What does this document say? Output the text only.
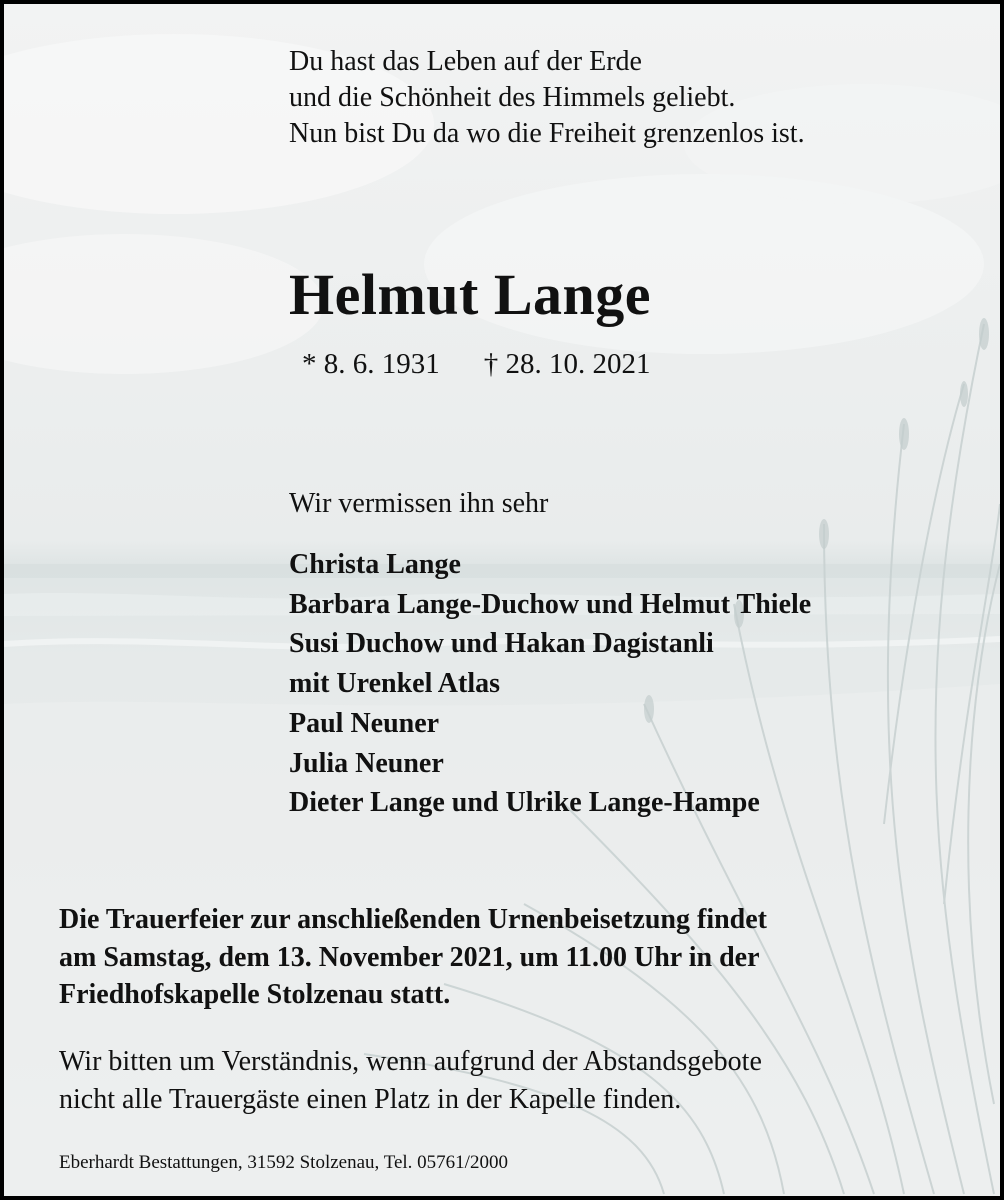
Du hast das Leben auf der Erde
und die Schönheit des Himmels geliebt.
Nun bist Du da wo die Freiheit grenzenlos ist.
Helmut Lange
* 8. 6. 1931 † 28. 10. 2021
Wir vermissen ihn sehr
Christa Lange
Barbara Lange-Duchow und Helmut Thiele
Susi Duchow und Hakan Dagistanli
mit Urenkel Atlas
Paul Neuner
Julia Neuner
Dieter Lange und Ulrike Lange-Hampe
Die Trauerfeier zur anschließenden Urnenbeisetzung findet
am Samstag, dem 13. November 2021, um 11.00 Uhr in der
Friedhofskapelle Stolzenau statt.
Wir bitten um Verständnis, wenn aufgrund der Abstandsgebote
nicht alle Trauergäste einen Platz in der Kapelle finden.
Eberhardt Bestattungen, 31592 Stolzenau, Tel. 05761/2000
